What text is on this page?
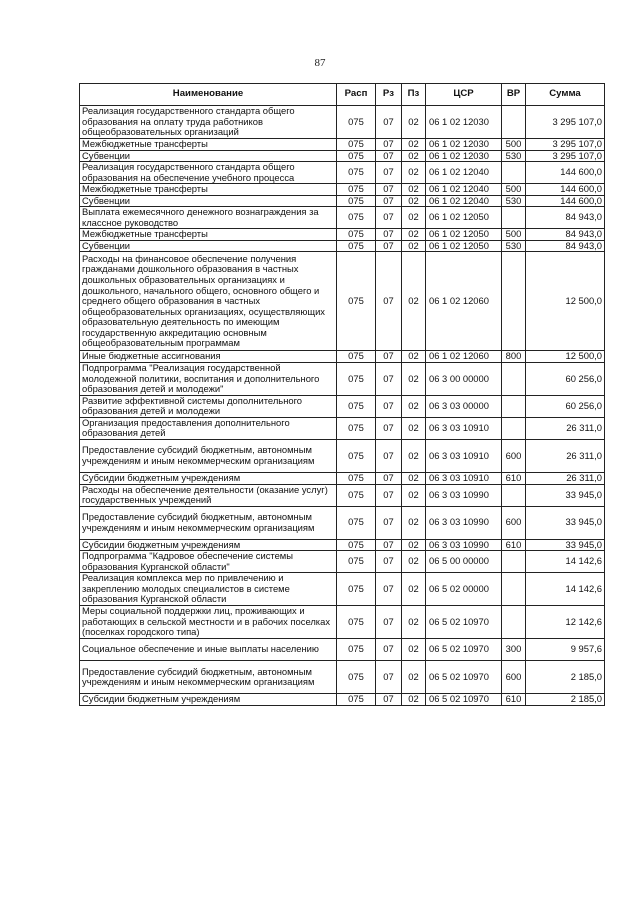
87
Наименование	Расп	Рз	Пз	ЦСР	ВР	Сумма
Реализация государственного стандарта общего образования на оплату труда работников общеобразовательных организаций	075	07	02	06 1 02 12030		3 295 107,0
Межбюджетные трансферты	075	07	02	06 1 02 12030	500	3 295 107,0
Субвенции	075	07	02	06 1 02 12030	530	3 295 107,0
Реализация государственного стандарта общего образования на обеспечение учебного процесса	075	07	02	06 1 02 12040		144 600,0
Межбюджетные трансферты	075	07	02	06 1 02 12040	500	144 600,0
Субвенции	075	07	02	06 1 02 12040	530	144 600,0
Выплата ежемесячного денежного вознаграждения за классное руководство	075	07	02	06 1 02 12050		84 943,0
Межбюджетные трансферты	075	07	02	06 1 02 12050	500	84 943,0
Субвенции	075	07	02	06 1 02 12050	530	84 943,0
Расходы на финансовое обеспечение получения гражданами дошкольного образования в частных дошкольных образовательных организациях и дошкольного, начального общего, основного общего и среднего общего образования в частных общеобразовательных организациях, осуществляющих образовательную деятельность по имеющим государственную аккредитацию основным общеобразовательным программам	075	07	02	06 1 02 12060		12 500,0
Иные бюджетные ассигнования	075	07	02	06 1 02 12060	800	12 500,0
Подпрограмма "Реализация государственной молодежной политики, воспитания и дополнительного образования детей и молодежи"	075	07	02	06 3 00 00000		60 256,0
Развитие эффективной системы дополнительного образования детей и молодежи	075	07	02	06 3 03 00000		60 256,0
Организация предоставления дополнительного образования детей	075	07	02	06 3 03 10910		26 311,0
Предоставление субсидий бюджетным, автономным учреждениям и иным некоммерческим организациям	075	07	02	06 3 03 10910	600	26 311,0
Субсидии бюджетным учреждениям	075	07	02	06 3 03 10910	610	26 311,0
Расходы на обеспечение деятельности (оказание услуг) государственных учреждений	075	07	02	06 3 03 10990		33 945,0
Предоставление субсидий бюджетным, автономным учреждениям и иным некоммерческим организациям	075	07	02	06 3 03 10990	600	33 945,0
Субсидии бюджетным учреждениям	075	07	02	06 3 03 10990	610	33 945,0
Подпрограмма "Кадровое обеспечение системы образования Курганской области"	075	07	02	06 5 00 00000		14 142,6
Реализация комплекса мер по привлечению и закреплению молодых специалистов в системе образования Курганской области	075	07	02	06 5 02 00000		14 142,6
Меры социальной поддержки лиц, проживающих и работающих в сельской местности и в рабочих поселках (поселках городского типа)	075	07	02	06 5 02 10970		12 142,6
Социальное обеспечение и иные выплаты населению	075	07	02	06 5 02 10970	300	9 957,6
Предоставление субсидий бюджетным, автономным учреждениям и иным некоммерческим организациям	075	07	02	06 5 02 10970	600	2 185,0
Субсидии бюджетным учреждениям	075	07	02	06 5 02 10970	610	2 185,0
